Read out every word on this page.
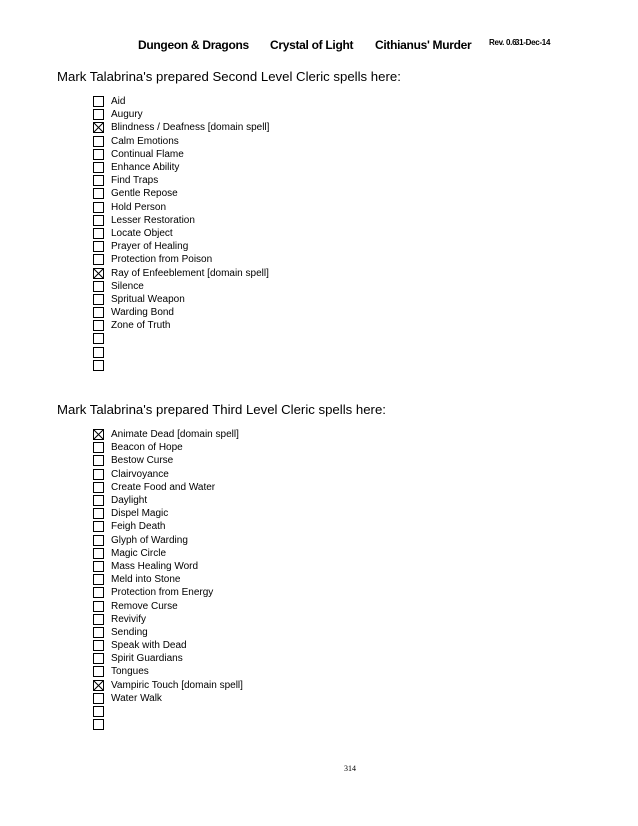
Dungeon & Dragons Crystal of Light Cithianus' Murder Rev. 0.6
31-Dec-14
Mark Talabrina's prepared Second Level Cleric spells here:
Aid
Augury
Blindness / Deafness [domain spell]
Calm Emotions
Continual Flame
Enhance Ability
Find Traps
Gentle Repose
Hold Person
Lesser Restoration
Locate Object
Prayer of Healing
Protection from Poison
Ray of Enfeeblement [domain spell]
Silence
Spritual Weapon
Warding Bond
Zone of Truth
Mark Talabrina's prepared Third Level Cleric spells here:
Animate Dead [domain spell]
Beacon of Hope
Bestow Curse
Clairvoyance
Create Food and Water
Daylight
Dispel Magic
Feigh Death
Glyph of Warding
Magic Circle
Mass Healing Word
Meld into Stone
Protection from Energy
Remove Curse
Revivify
Sending
Speak with Dead
Spirit Guardians
Tongues
Vampiric Touch [domain spell]
Water Walk
314
